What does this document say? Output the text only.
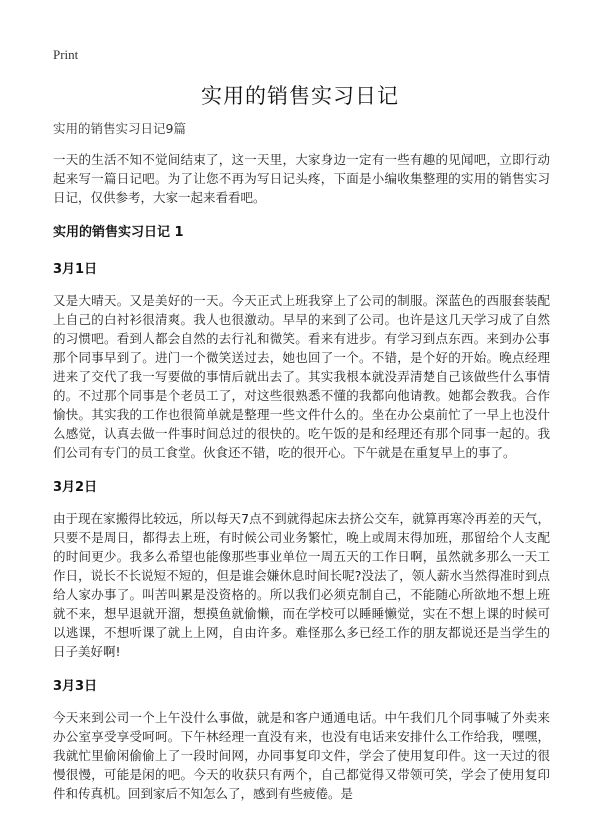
Print
实用的销售实习日记
实用的销售实习日记9篇

一天的生活不知不觉间结束了，这一天里，大家身边一定有一些有趣的见闻吧，立即行动起来写一篇日记吧。为了让您不再为写日记头疼，下面是小编收集整理的实用的销售实习日记，仅供参考，大家一起来看看吧。

实用的销售实习日记 1
3月1日

又是大晴天。又是美好的一天。今天正式上班我穿上了公司的制服。深蓝色的西服套装配上自己的白衬衫很清爽。我人也很激动。早早的来到了公司。也许是这几天学习成了自然的习惯吧。看到人都会自然的去行礼和微笑。看来有进步。有学习到点东西。来到办公事那个同事早到了。进门一个微笑送过去，她也回了一个。不错，是个好的开始。晚点经理进来了交代了我一写要做的事情后就出去了。其实我根本就没弄清楚自己该做些什么事情的。不过那个同事是个老员工了，对这些很熟悉不懂的我都向他请教。她都会教我。合作愉快。其实我的工作也很简单就是整理一些文件什么的。坐在办公桌前忙了一早上也没什么感觉，认真去做一件事时间总过的很快的。吃午饭的是和经理还有那个同事一起的。我们公司有专门的员工食堂。伙食还不错，吃的很开心。下午就是在重复早上的事了。

3月2日

由于现在家搬得比较远，所以每天7点不到就得起床去挤公交车，就算再寒冷再差的天气，只要不是周日，都得去上班，有时候公司业务繁忙，晚上或周末得加班，那留给个人支配的时间更少。我多么希望也能像那些事业单位一周五天的工作日啊，虽然就多那么一天工作日，说长不长说短不短的，但是谁会嫌休息时间长呢?没法了，领人薪水当然得准时到点给人家办事了。叫苦叫累是没资格的。所以我们必须克制自己，不能随心所欲地不想上班就不来，想早退就开溜，想摸鱼就偷懒，而在学校可以睡睡懒觉，实在不想上课的时候可以逃课，不想听课了就上上网，自由许多。难怪那么多已经工作的朋友都说还是当学生的日子美好啊!

3月3日

今天来到公司一个上午没什么事做，就是和客户通通电话。中午我们几个同事喊了外卖来办公室享受享受呵呵。下午林经理一直没有来，也没有电话来安排什么工作给我，嘿嘿，我就忙里偷闲偷偷上了一段时间网，办同事复印文件，学会了使用复印件。这一天过的很慢很慢，可能是闲的吧。今天的收获只有两个，自己都觉得又带领可笑，学会了使用复印件和传真机。回到家后不知怎么了，感到有些疲倦。是
